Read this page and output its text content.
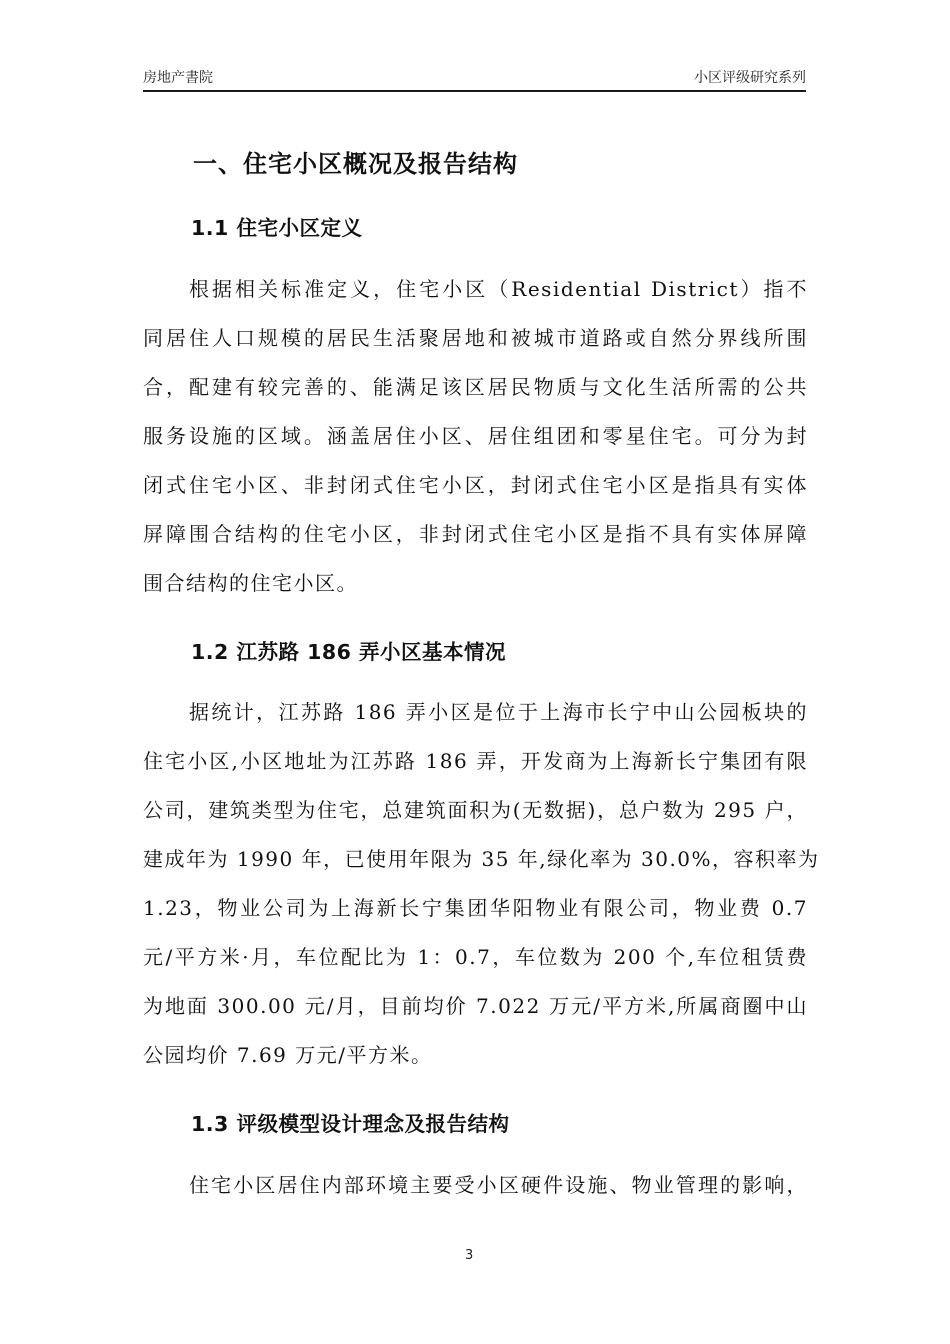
房地产書院	小区评级研究系列
一、住宅小区概况及报告结构
1.1 住宅小区定义
根据相关标准定义，住宅小区（Residential District）指不
同居住人口规模的居民生活聚居地和被城市道路或自然分界线所围
合，配建有较完善的、能满足该区居民物质与文化生活所需的公共
服务设施的区域。涵盖居住小区、居住组团和零星住宅。可分为封
闭式住宅小区、非封闭式住宅小区，封闭式住宅小区是指具有实体
屏障围合结构的住宅小区，非封闭式住宅小区是指不具有实体屏障
围合结构的住宅小区。
1.2 江苏路 186 弄小区基本情况
据统计，江苏路 186 弄小区是位于上海市长宁中山公园板块的
住宅小区,小区地址为江苏路 186 弄，开发商为上海新长宁集团有限
公司，建筑类型为住宅，总建筑面积为(无数据)，总户数为 295 户，
建成年为 1990 年，已使用年限为 35 年,绿化率为 30.0%，容积率为
1.23，物业公司为上海新长宁集团华阳物业有限公司，物业费 0.7
元/平方米·月，车位配比为 1：0.7，车位数为 200 个,车位租赁费
为地面 300.00 元/月，目前均价 7.022 万元/平方米,所属商圈中山
公园均价 7.69 万元/平方米。
1.3 评级模型设计理念及报告结构
住宅小区居住内部环境主要受小区硬件设施、物业管理的影响，
3
